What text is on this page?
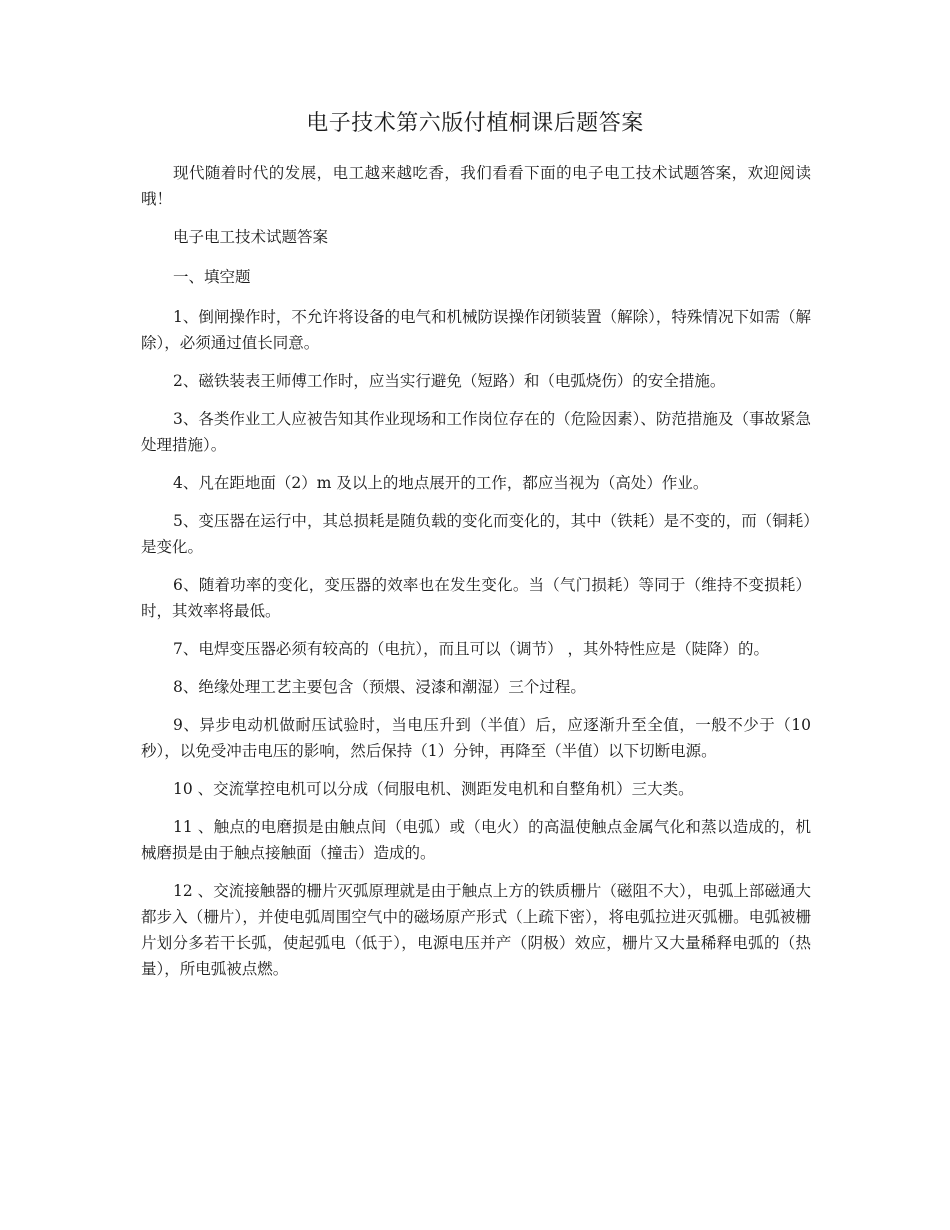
电子技术第六版付植桐课后题答案

现代随着时代的发展，电工越来越吃香，我们看看下面的电子电工技术试题答案，欢迎阅读哦！

电子电工技术试题答案

一、填空题

1、倒闸操作时，不允许将设备的电气和机械防误操作闭锁装置（解除），特殊情况下如需（解除），必须通过值长同意。

2、磁铁装表王师傅工作时，应当实行避免（短路）和（电弧烧伤）的安全措施。

3、各类作业工人应被告知其作业现场和工作岗位存在的（危险因素）、防范措施及（事故紧急处理措施）。

4、凡在距地面（2）m 及以上的地点展开的工作，都应当视为（高处）作业。

5、变压器在运行中，其总损耗是随负载的变化而变化的，其中（铁耗）是不变的，而（铜耗）是变化。

6、随着功率的变化，变压器的效率也在发生变化。当（气门损耗）等同于（维持不变损耗）时，其效率将最低。

7、电焊变压器必须有较高的（电抗），而且可以（调节） ，其外特性应是（陡降）的。

8、绝缘处理工艺主要包含（预煨、浸漆和潮湿）三个过程。

9、异步电动机做耐压试验时，当电压升到（半值）后，应逐渐升至全值，一般不少于（10 秒），以免受冲击电压的影响，然后保持（1）分钟，再降至（半值）以下切断电源。

10 、交流掌控电机可以分成（伺服电机、测距发电机和自整角机）三大类。

11 、触点的电磨损是由触点间（电弧）或（电火）的高温使触点金属气化和蒸以造成的，机械磨损是由于触点接触面（撞击）造成的。

12 、交流接触器的栅片灭弧原理就是由于触点上方的铁质栅片（磁阻不大），电弧上部磁通大都步入（栅片），并使电弧周围空气中的磁场原产形式（上疏下密），将电弧拉进灭弧栅。电弧被栅片划分多若干长弧，使起弧电（低于），电源电压并产（阴极）效应，栅片又大量稀释电弧的（热量），所电弧被点燃。
